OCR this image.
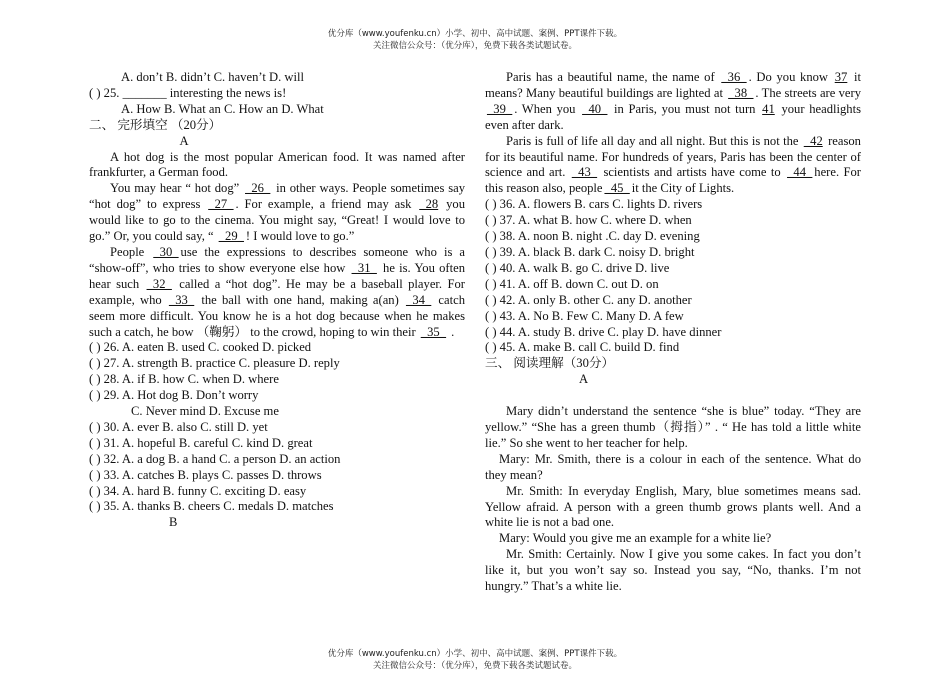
优分库（www.youfenku.cn）小学、初中、高中试题、案例、PPT课件下载。
关注微信公众号：（优分库），免费下载各类试题试卷。

A. don’t B. didn’t C. haven’t D. will

( ) 25. _______ interesting the news is!

A. How B. What an C. How an D. What

二、 完形填空 （20分）

A

A hot dog is the most popular American food. It was named after frankfurter, a German food.

You may hear “ hot dog” _26_ in other ways. People sometimes say “hot dog” to express _27_ . For example, a friend may ask _28 you would like to go to the cinema. You might say, “Great! I would love to go.” Or, you could say, “ _29_ ! I would love to go.”

People _30_ use the expressions to describes someone who is a “show-off”, who tries to show everyone else how _31_ he is. You often hear such _32_ called a “hot dog”. He may be a baseball player. For example, who _33_ the ball with one hand, making a(an) _34_ catch seem more difficult. You know he is a hot dog because when he makes such a catch, he bow （鞠躬） to the crowd, hoping to win their _35_ .

( ) 26. A. eaten B. used C. cooked D. picked

( ) 27. A. strength B. practice C. pleasure D. reply

( ) 28. A. if B. how C. when D. where

( ) 29. A. Hot dog B. Don’t worry

C. Never mind D. Excuse me

( ) 30. A. ever B. also C. still D. yet

( ) 31. A. hopeful B. careful C. kind D. great

( ) 32. A. a dog B. a hand C. a person D. an action

( ) 33. A. catches B. plays C. passes D. throws

( ) 34. A. hard B. funny C. exciting D. easy

( ) 35. A. thanks B. cheers C. medals D. matches

B

Paris has a beautiful name, the name of _36_ . Do you know 37 it means? Many beautiful buildings are lighted at _38_ . The streets are very _39_ . When you _40_ in Paris, you must not turn 41 your headlights even after dark.

Paris is full of life all day and all night. But this is not the _42 reason for its beautiful name. For hundreds of years, Paris has been the center of science and art. _43_ scientists and artists have come to _44_ here. For this reason also, people _45_ it the City of Lights.

( ) 36. A. flowers B. cars C. lights D. rivers

( ) 37. A. what B. how C. where D. when

( ) 38. A. noon B. night .C. day D. evening

( ) 39. A. black B. dark C. noisy D. bright

( ) 40. A. walk B. go C. drive D. live

( ) 41. A. off B. down C. out D. on

( ) 42. A. only B. other C. any D. another

( ) 43. A. No B. Few C. Many D. A few

( ) 44. A. study B. drive C. play D. have dinner

( ) 45. A. make B. call C. build D. find

三、 阅读理解（30分）

A

Mary didn’t understand the sentence “she is blue” today. “They are yellow.” “She has a green thumb（拇指）” . “ He has told a little white lie.” So she went to her teacher for help.

Mary: Mr. Smith, there is a colour in each of the sentence. What do they mean?

Mr. Smith: In everyday English, Mary, blue sometimes means sad. Yellow afraid. A person with a green thumb grows plants well. And a white lie is not a bad one.

Mary: Would you give me an example for a white lie?

Mr. Smith: Certainly. Now I give you some cakes. In fact you don’t like it, but you won’t say so. Instead you say, “No, thanks. I’m not hungry.” That’s a white lie.

优分库（www.youfenku.cn）小学、初中、高中试题、案例、PPT课件下载。
关注微信公众号：（优分库），免费下载各类试题试卷。
